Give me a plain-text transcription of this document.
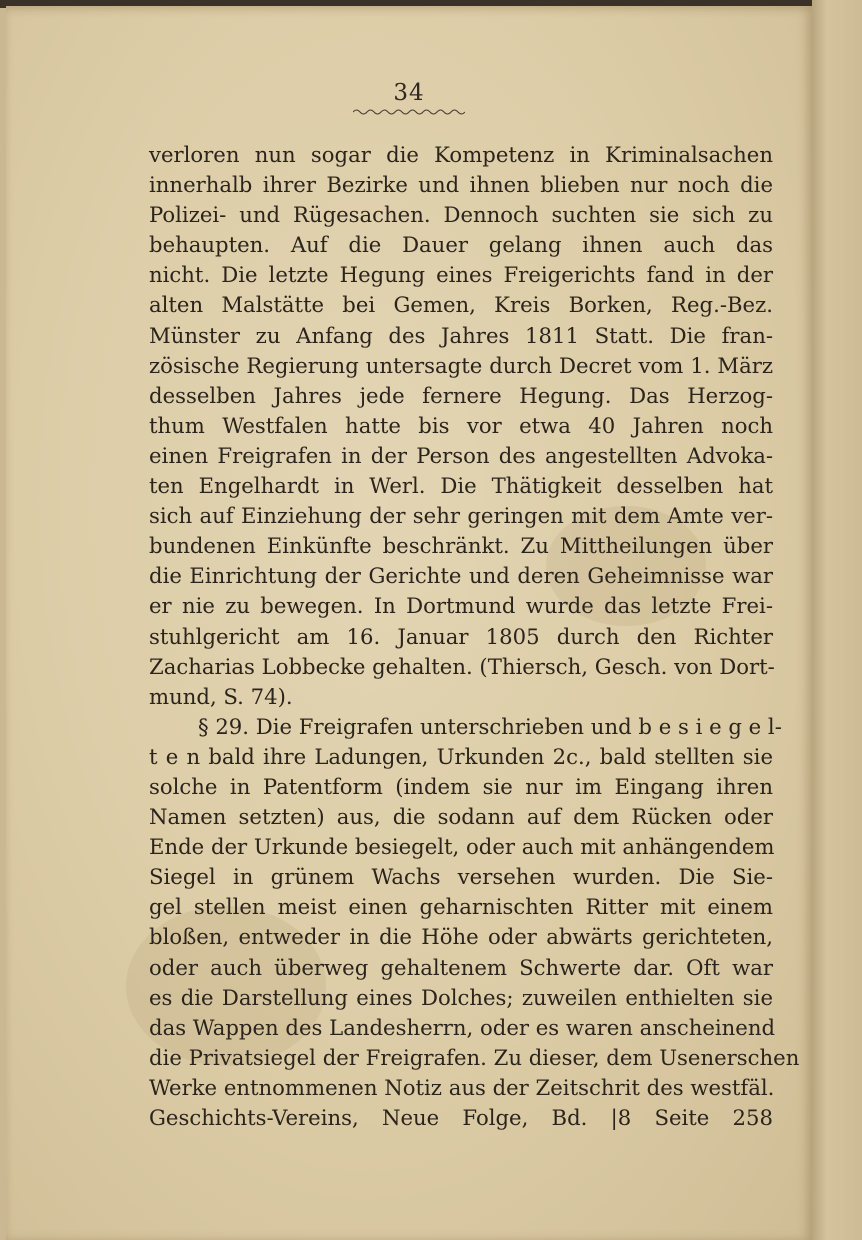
34
verloren nun sogar die Kompetenz in Kriminalsachen
innerhalb ihrer Bezirke und ihnen blieben nur noch die
Polizei- und Rügesachen. Dennoch suchten sie sich zu
behaupten. Auf die Dauer gelang ihnen auch das
nicht. Die letzte Hegung eines Freigerichts fand in der
alten Malstätte bei Gemen, Kreis Borken, Reg.-Bez.
Münster zu Anfang des Jahres 1811 Statt. Die fran-
zösische Regierung untersagte durch Decret vom 1. März
desselben Jahres jede fernere Hegung. Das Herzog-
thum Westfalen hatte bis vor etwa 40 Jahren noch
einen Freigrafen in der Person des angestellten Advoka-
ten Engelhardt in Werl. Die Thätigkeit desselben hat
sich auf Einziehung der sehr geringen mit dem Amte ver-
bundenen Einkünfte beschränkt. Zu Mittheilungen über
die Einrichtung der Gerichte und deren Geheimnisse war
er nie zu bewegen. In Dortmund wurde das letzte Frei-
stuhlgericht am 16. Januar 1805 durch den Richter
Zacharias Lobbecke gehalten. (Thiersch, Gesch. von Dort-
mund, S. 74).
§ 29. Die Freigrafen unterschrieben und b e s i e g e l-
t e n bald ihre Ladungen, Urkunden 2c., bald stellten sie
solche in Patentform (indem sie nur im Eingang ihren
Namen setzten) aus, die sodann auf dem Rücken oder
Ende der Urkunde besiegelt, oder auch mit anhängendem
Siegel in grünem Wachs versehen wurden. Die Sie-
gel stellen meist einen geharnischten Ritter mit einem
bloßen, entweder in die Höhe oder abwärts gerichteten,
oder auch überweg gehaltenem Schwerte dar. Oft war
es die Darstellung eines Dolches; zuweilen enthielten sie
das Wappen des Landesherrn, oder es waren anscheinend
die Privatsiegel der Freigrafen. Zu dieser, dem Usenerschen
Werke entnommenen Notiz aus der Zeitschrit des westfäl.
Geschichts-Vereins, Neue Folge, Bd. |8 Seite 258
